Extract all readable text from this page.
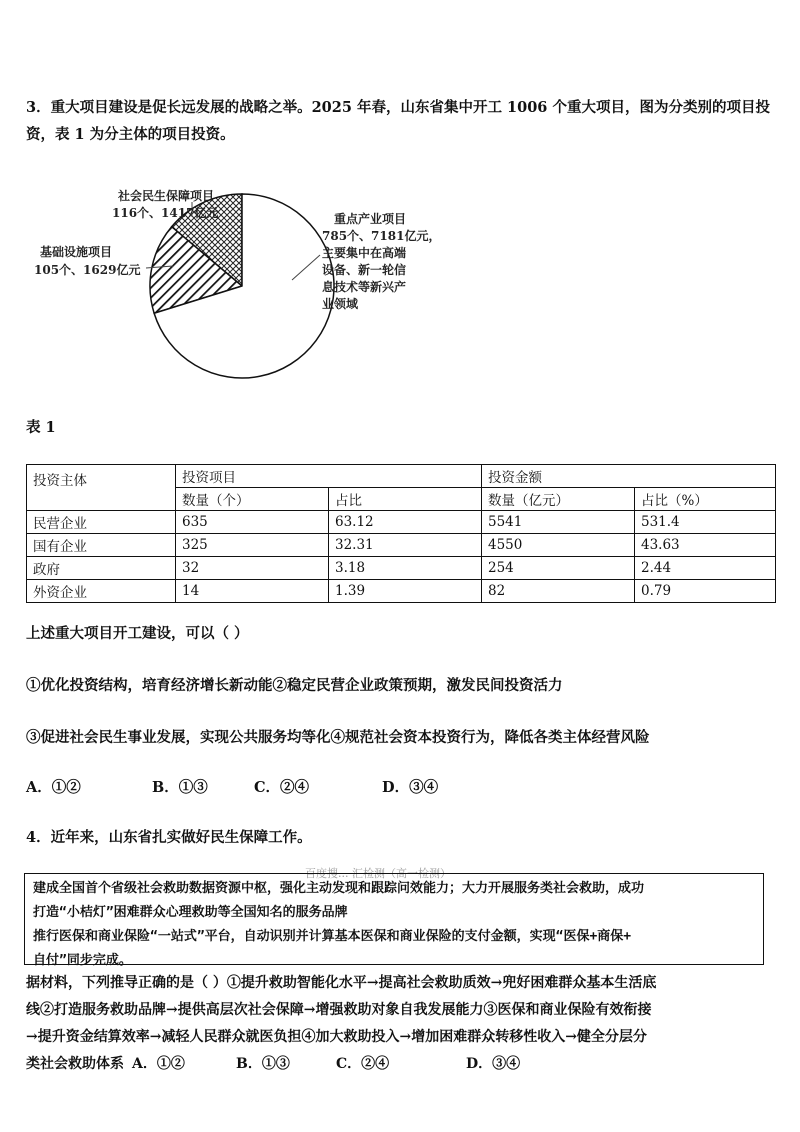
3．重大项目建设是促长远发展的战略之举。2025 年春，山东省集中开工 1006 个重大项目，图为分类别的项目投资，表 1 为分主体的项目投资。
社会民生保障项目
116个、1417亿元
基础设施项目
105个、1629亿元
重点产业项目
785个、7181亿元，
主要集中在高端
设备、新一轮信
息技术等新兴产
业领域
表 1
投资主体	投资项目		投资金额	
	数量（个）	占比	数量（亿元）	占比（%）
民营企业	635	63.12	5541	531.4
国有企业	325	32.31	4550	43.63
政府	32	3.18	254	2.44
外资企业	14	1.39	82	0.79
上述重大项目开工建设，可以（ ）
①优化投资结构，培育经济增长新动能②稳定民营企业政策预期，激发民间投资活力
③促进社会民生事业发展，实现公共服务均等化④规范社会资本投资行为，降低各类主体经营风险
A．①②	B．①③	C．②④	D．③④
4．近年来，山东省扎实做好民生保障工作。
百度搜... 汇检测（高一检测）
建成全国首个省级社会救助数据资源中枢，强化主动发现和跟踪问效能力；大力开展服务类社会救助，成功
打造“小桔灯”困难群众心理救助等全国知名的服务品牌
推行医保和商业保险“一站式”平台，自动识别并计算基本医保和商业保险的支付金额，实现“医保+商保+
自付”同步完成。
据材料，下列推导正确的是（ ）①提升救助智能化水平→提高社会救助质效→兜好困难群众基本生活底
线②打造服务救助品牌→提供高层次社会保障→增强救助对象自我发展能力③医保和商业保险有效衔接
→提升资金结算效率→减轻人民群众就医负担④加大救助投入→增加困难群众转移性收入→健全分层分
类社会救助体系 A．①②	B．①③	C．②④	D．③④
